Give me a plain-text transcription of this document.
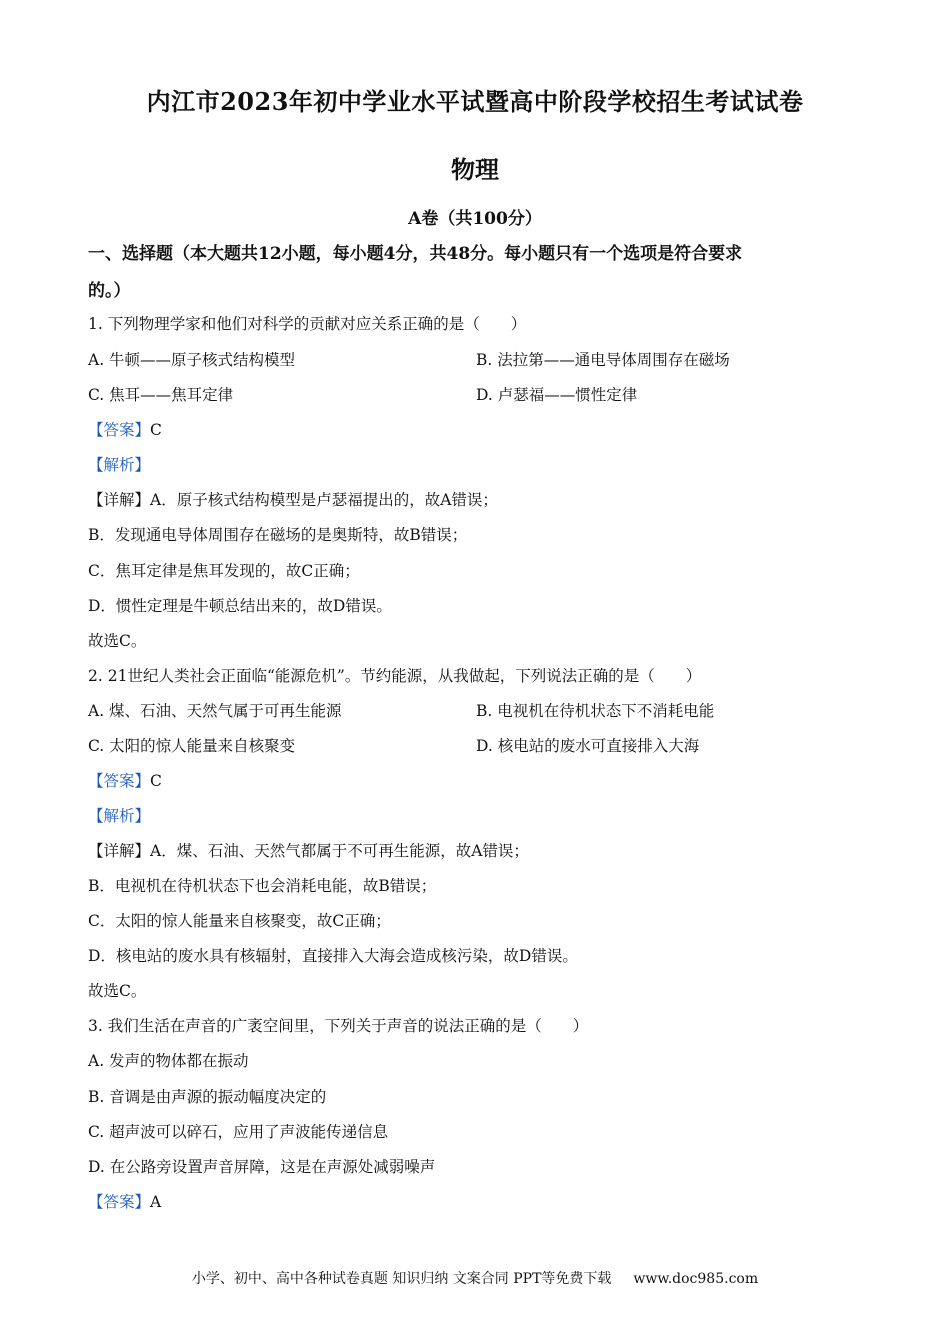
内江市2023年初中学业水平试暨高中阶段学校招生考试试卷
物理
A卷（共100分）
一、选择题（本大题共12小题，每小题4分，共48分。每小题只有一个选项是符合要求
的。）
1. 下列物理学家和他们对科学的贡献对应关系正确的是（　　）
A. 牛顿——原子核式结构模型	B. 法拉第——通电导体周围存在磁场
C. 焦耳——焦耳定律	D. 卢瑟福——惯性定律
【答案】C
【解析】
【详解】A．原子核式结构模型是卢瑟福提出的，故A错误；
B．发现通电导体周围存在磁场的是奥斯特，故B错误；
C．焦耳定律是焦耳发现的，故C正确；
D．惯性定理是牛顿总结出来的，故D错误。
故选C。
2. 21世纪人类社会正面临“能源危机”。节约能源，从我做起，下列说法正确的是（　　）
A. 煤、石油、天然气属于可再生能源	B. 电视机在待机状态下不消耗电能
C. 太阳的惊人能量来自核聚变	D. 核电站的废水可直接排入大海
【答案】C
【解析】
【详解】A．煤、石油、天然气都属于不可再生能源，故A错误；
B．电视机在待机状态下也会消耗电能，故B错误；
C．太阳的惊人能量来自核聚变，故C正确；
D．核电站的废水具有核辐射，直接排入大海会造成核污染，故D错误。
故选C。
3. 我们生活在声音的广袤空间里，下列关于声音的说法正确的是（　　）
A. 发声的物体都在振动
B. 音调是由声源的振动幅度决定的
C. 超声波可以碎石，应用了声波能传递信息
D. 在公路旁设置声音屏障，这是在声源处减弱噪声
【答案】A
小学、初中、高中各种试卷真题 知识归纳 文案合同 PPT等免费下载 www.doc985.com
